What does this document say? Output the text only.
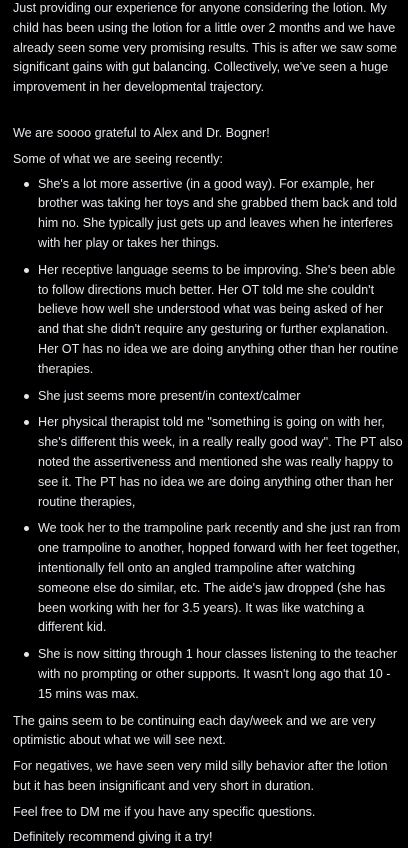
Just providing our experience for anyone considering the lotion. My child has been using the lotion for a little over 2 months and we have already seen some very promising results. This is after we saw some significant gains with gut balancing. Collectively, we've seen a huge improvement in her developmental trajectory.

We are soooo grateful to Alex and Dr. Bogner!

Some of what we are seeing recently:

She's a lot more assertive (in a good way). For example, her brother was taking her toys and she grabbed them back and told him no. She typically just gets up and leaves when he interferes with her play or takes her things.
Her receptive language seems to be improving. She's been able to follow directions much better. Her OT told me she couldn't believe how well she understood what was being asked of her and that she didn't require any gesturing or further explanation. Her OT has no idea we are doing anything other than her routine therapies.
She just seems more present/in context/calmer
Her physical therapist told me "something is going on with her, she's different this week, in a really really good way". The PT also noted the assertiveness and mentioned she was really happy to see it. The PT has no idea we are doing anything other than her routine therapies,
We took her to the trampoline park recently and she just ran from one trampoline to another, hopped forward with her feet together, intentionally fell onto an angled trampoline after watching someone else do similar, etc. The aide's jaw dropped (she has been working with her for 3.5 years). It was like watching a different kid.
She is now sitting through 1 hour classes listening to the teacher with no prompting or other supports. It wasn't long ago that 10 - 15 mins was max.

The gains seem to be continuing each day/week and we are very optimistic about what we will see next.

For negatives, we have seen very mild silly behavior after the lotion but it has been insignificant and very short in duration.

Feel free to DM me if you have any specific questions.

Definitely recommend giving it a try!
